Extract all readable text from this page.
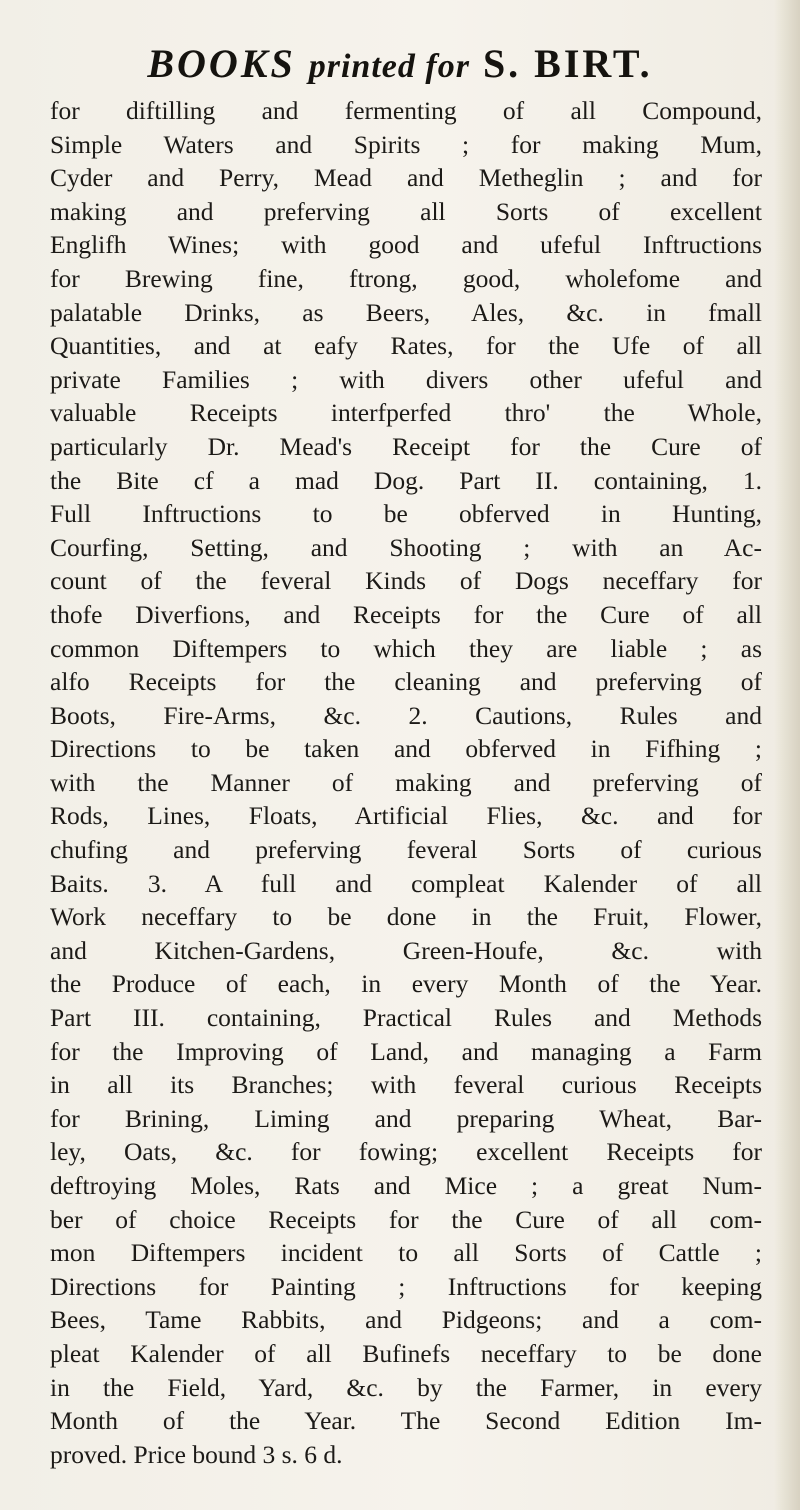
BOOKS printed for S. BIRT.
for diftilling and fermenting of all Compound,
Simple Waters and Spirits ; for making Mum,
Cyder and Perry, Mead and Metheglin ; and for
making and preferving all Sorts of excellent
Englifh Wines; with good and ufeful Inftructions
for Brewing fine, ftrong, good, wholefome and
palatable Drinks, as Beers, Ales, &c. in fmall
Quantities, and at eafy Rates, for the Ufe of all
private Families ; with divers other ufeful and
valuable Receipts interfperfed thro' the Whole,
particularly Dr. Mead's Receipt for the Cure of
the Bite cf a mad Dog. Part II. containing, 1.
Full Inftructions to be obferved in Hunting,
Courfing, Setting, and Shooting ; with an Ac-
count of the feveral Kinds of Dogs neceffary for
thofe Diverfions, and Receipts for the Cure of all
common Diftempers to which they are liable ; as
alfo Receipts for the cleaning and preferving of
Boots, Fire-Arms, &c. 2. Cautions, Rules and
Directions to be taken and obferved in Fifhing ;
with the Manner of making and preferving of
Rods, Lines, Floats, Artificial Flies, &c. and for
chufing and preferving feveral Sorts of curious
Baits. 3. A full and compleat Kalender of all
Work neceffary to be done in the Fruit, Flower,
and Kitchen-Gardens, Green-Houfe, &c. with
the Produce of each, in every Month of the Year.
Part III. containing, Practical Rules and Methods
for the Improving of Land, and managing a Farm
in all its Branches; with feveral curious Receipts
for Brining, Liming and preparing Wheat, Bar-
ley, Oats, &c. for fowing; excellent Receipts for
deftroying Moles, Rats and Mice ; a great Num-
ber of choice Receipts for the Cure of all com-
mon Diftempers incident to all Sorts of Cattle ;
Directions for Painting ; Inftructions for keeping
Bees, Tame Rabbits, and Pidgeons; and a com-
pleat Kalender of all Bufinefs neceffary to be done
in the Field, Yard, &c. by the Farmer, in every
Month of the Year. The Second Edition Im-
proved. Price bound 3 s. 6 d.
